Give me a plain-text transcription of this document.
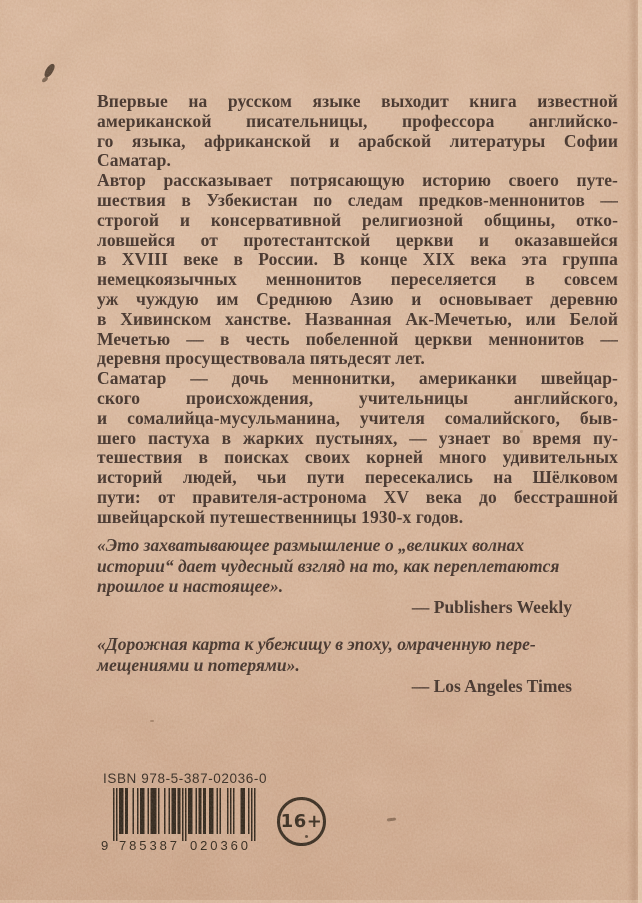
Впервые на русском языке выходит книга известной
американской писательницы, профессора английско-
го языка, африканской и арабской литературы Софии
Саматар.
Автор рассказывает потрясающую историю своего путе-
шествия в Узбекистан по следам предков-меннонитов —
строгой и консервативной религиозной общины, отко-
ловшейся от протестантской церкви и оказавшейся
в XVIII веке в России. В конце XIX века эта группа
немецкоязычных меннонитов переселяется в совсем
уж чуждую им Среднюю Азию и основывает деревню
в Хивинском ханстве. Названная Ак-Мечетью, или Белой
Мечетью — в честь побеленной церкви меннонитов —
деревня просуществовала пятьдесят лет.
Саматар — дочь меннонитки, американки швейцар-
ского происхождения, учительницы английского,
и сомалийца-мусульманина, учителя сомалийского, быв-
шего пастуха в жарких пустынях, — узнает во время пу-
тешествия в поисках своих корней много удивительных
историй людей, чьи пути пересекались на Шёлковом
пути: от правителя-астронома XV века до бесстрашной
швейцарской путешественницы 1930-х годов.
«Это захватывающее размышление о „великих волнах
истории“ дает чудесный взгляд на то, как переплетаются
прошлое и настоящее».
— Publishers Weekly
«Дорожная карта к убежищу в эпоху, омраченную пере-
мещениями и потерями».
— Los Angeles Times
ISBN 978-5-387-02036-0
9 785387 020360
16+
